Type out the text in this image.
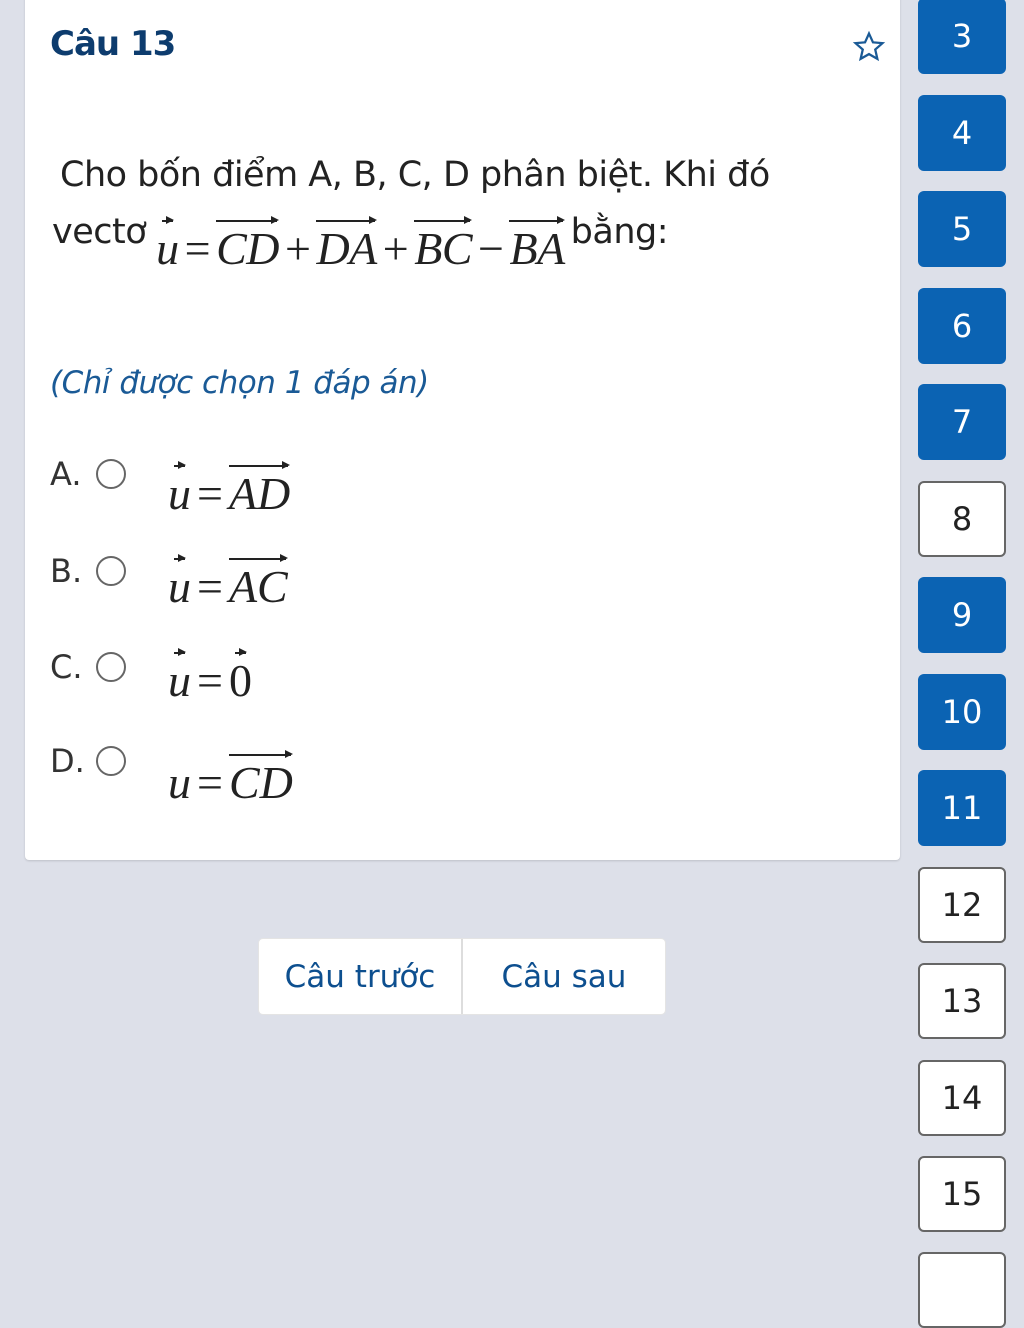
Câu 13
Cho bốn điểm A, B, C, D phân biệt. Khi đó
vectơ u = CD + DA + BC − BA bằng:
(Chỉ được chọn 1 đáp án)
A.	u = AD
B.	u = AC
C. u = 0
D. u = CD
Câu trước	Câu sau
3
4
5
6
7
8
9
10
11
12
13
14
15
